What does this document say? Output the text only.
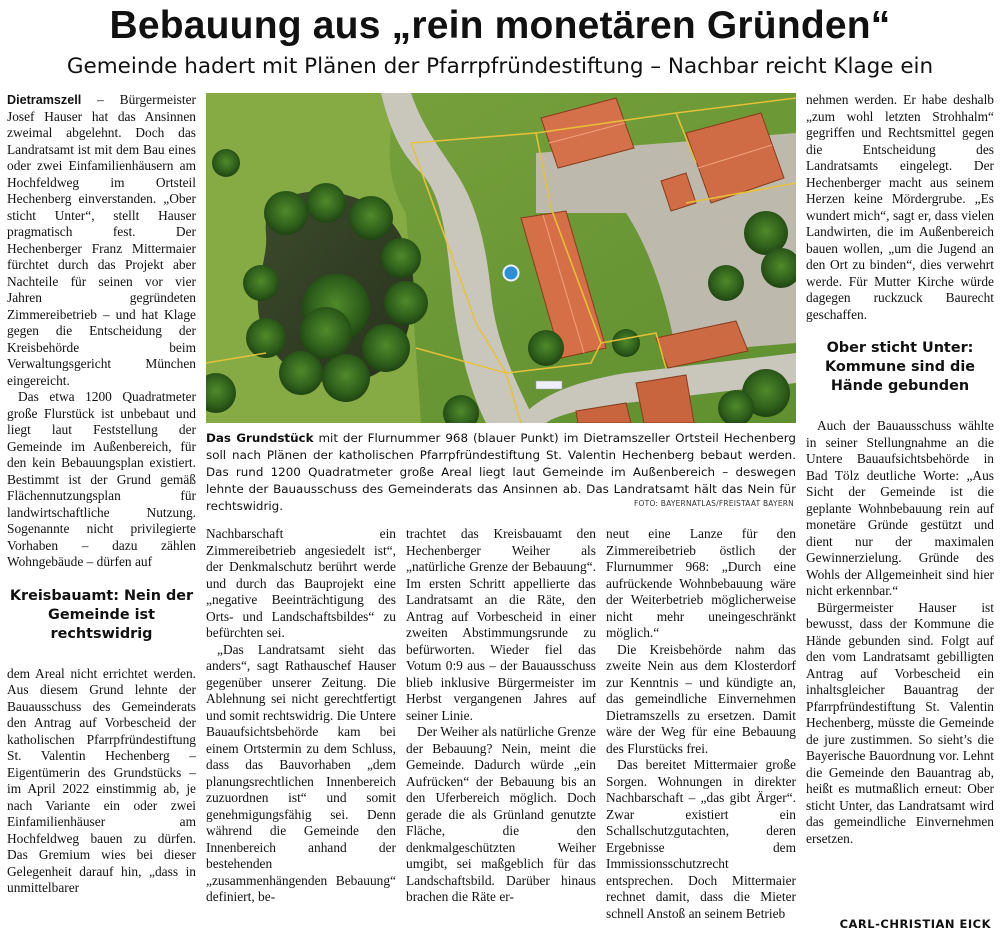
Bebauung aus „rein monetären Gründen“
Gemeinde hadert mit Plänen der Pfarrpfründestiftung – Nachbar reicht Klage ein

Dietramszell – Bürgermeister Josef Hauser hat das Ansinnen zweimal abgelehnt. Doch das Landratsamt ist mit dem Bau eines oder zwei Einfamilienhäusern am Hochfeldweg im Ortsteil Hechenberg einverstanden. „Ober sticht Unter“, stellt Hauser pragmatisch fest. Der Hechenberger Franz Mittermaier fürchtet durch das Projekt aber Nachteile für seinen vor vier Jahren gegründeten Zimmereibetrieb – und hat Klage gegen die Entscheidung der Kreisbehörde beim Verwaltungsgericht München eingereicht.

Das etwa 1200 Quadratmeter große Flurstück ist unbebaut und liegt laut Feststellung der Gemeinde im Außenbereich, für den kein Bebauungsplan existiert. Bestimmt ist der Grund gemäß Flächennutzungsplan für landwirtschaftliche Nutzung. Sogenannte nicht privilegierte Vorhaben – dazu zählen Wohngebäude – dürfen auf

Kreisbauamt: Nein der Gemeinde ist rechtswidrig

dem Areal nicht errichtet werden. Aus diesem Grund lehnte der Bauausschuss des Gemeinderats den Antrag auf Vorbescheid der katholischen Pfarrpfründestiftung St. Valentin Hechenberg – Eigentümerin des Grundstücks – im April 2022 einstimmig ab, je nach Variante ein oder zwei Einfamilienhäuser am Hochfeldweg bauen zu dürfen. Das Gremium wies bei dieser Gelegenheit darauf hin, „dass in unmittelbarer

Das Grundstück mit der Flurnummer 968 (blauer Punkt) im Dietramszeller Ortsteil Hechenberg soll nach Plänen der katholischen Pfarrpfründestiftung St. Valentin Hechenberg bebaut werden. Das rund 1200 Quadratmeter große Areal liegt laut Gemeinde im Außenbereich – deswegen lehnte der Bauausschuss des Gemeinderats das Ansinnen ab. Das Landratsamt hält das Nein für rechtswidrig.	FOTO: BAYERNATLAS/FREISTAAT BAYERN

Nachbarschaft ein Zimmereibetrieb angesiedelt ist“, der Denkmalschutz berührt werde und durch das Bauprojekt eine „negative Beeinträchtigung des Orts- und Landschaftsbildes“ zu befürchten sei.

„Das Landratsamt sieht das anders“, sagt Rathauschef Hauser gegenüber unserer Zeitung. Die Ablehnung sei nicht gerechtfertigt und somit rechtswidrig. Die Untere Bauaufsichtsbehörde kam bei einem Ortstermin zu dem Schluss, dass das Bauvorhaben „dem planungsrechtlichen Innenbereich zuzuordnen ist“ und somit genehmigungsfähig sei. Denn während die Gemeinde den Innenbereich anhand der bestehenden „zusammenhängenden Bebauung“ definiert, be-

trachtet das Kreisbauamt den Hechenberger Weiher als „natürliche Grenze der Bebauung“. Im ersten Schritt appellierte das Landratsamt an die Räte, den Antrag auf Vorbescheid in einer zweiten Abstimmungsrunde zu befürworten. Wieder fiel das Votum 0:9 aus – der Bauausschuss blieb inklusive Bürgermeister im Herbst vergangenen Jahres auf seiner Linie.

Der Weiher als natürliche Grenze der Bebauung? Nein, meint die Gemeinde. Dadurch würde „ein Aufrücken“ der Bebauung bis an den Uferbereich möglich. Doch gerade die als Grünland genutzte Fläche, die den denkmalgeschützten Weiher umgibt, sei maßgeblich für das Landschaftsbild. Darüber hinaus brachen die Räte er-

neut eine Lanze für den Zimmereibetrieb östlich der Flurnummer 968: „Durch eine aufrückende Wohnbebauung wäre der Weiterbetrieb möglicherweise nicht mehr uneingeschränkt möglich.“

Die Kreisbehörde nahm das zweite Nein aus dem Klosterdorf zur Kenntnis – und kündigte an, das gemeindliche Einvernehmen Dietramszells zu ersetzen. Damit wäre der Weg für eine Bebauung des Flurstücks frei.

Das bereitet Mittermaier große Sorgen. Wohnungen in direkter Nachbarschaft – „das gibt Ärger“. Zwar existiert ein Schallschutzgutachten, deren Ergebnisse dem Immissionsschutzrecht entsprechen. Doch Mittermaier rechnet damit, dass die Mieter schnell Anstoß an seinem Betrieb

nehmen werden. Er habe deshalb „zum wohl letzten Strohhalm“ gegriffen und Rechtsmittel gegen die Entscheidung des Landratsamts eingelegt. Der Hechenberger macht aus seinem Herzen keine Mördergrube. „Es wundert mich“, sagt er, dass vielen Landwirten, die im Außenbereich bauen wollen, „um die Jugend an den Ort zu binden“, dies verwehrt werde. Für Mutter Kirche würde dagegen ruckzuck Baurecht geschaffen.

Ober sticht Unter: Kommune sind die Hände gebunden

Auch der Bauausschuss wählte in seiner Stellungnahme an die Untere Bauaufsichtsbehörde in Bad Tölz deutliche Worte: „Aus Sicht der Gemeinde ist die geplante Wohnbebauung rein auf monetäre Gründe gestützt und dient nur der maximalen Gewinnerzielung. Gründe des Wohls der Allgemeinheit sind hier nicht erkennbar.“

Bürgermeister Hauser ist bewusst, dass der Kommune die Hände gebunden sind. Folgt auf den vom Landratsamt gebilligten Antrag auf Vorbescheid ein inhaltsgleicher Bauantrag der Pfarrpfründestiftung St. Valentin Hechenberg, müsste die Gemeinde de jure zustimmen. So sieht’s die Bayerische Bauordnung vor. Lehnt die Gemeinde den Bauantrag ab, heißt es mutmaßlich erneut: Ober sticht Unter, das Landratsamt wird das gemeindliche Einvernehmen ersetzen.

CARL-CHRISTIAN EICK
